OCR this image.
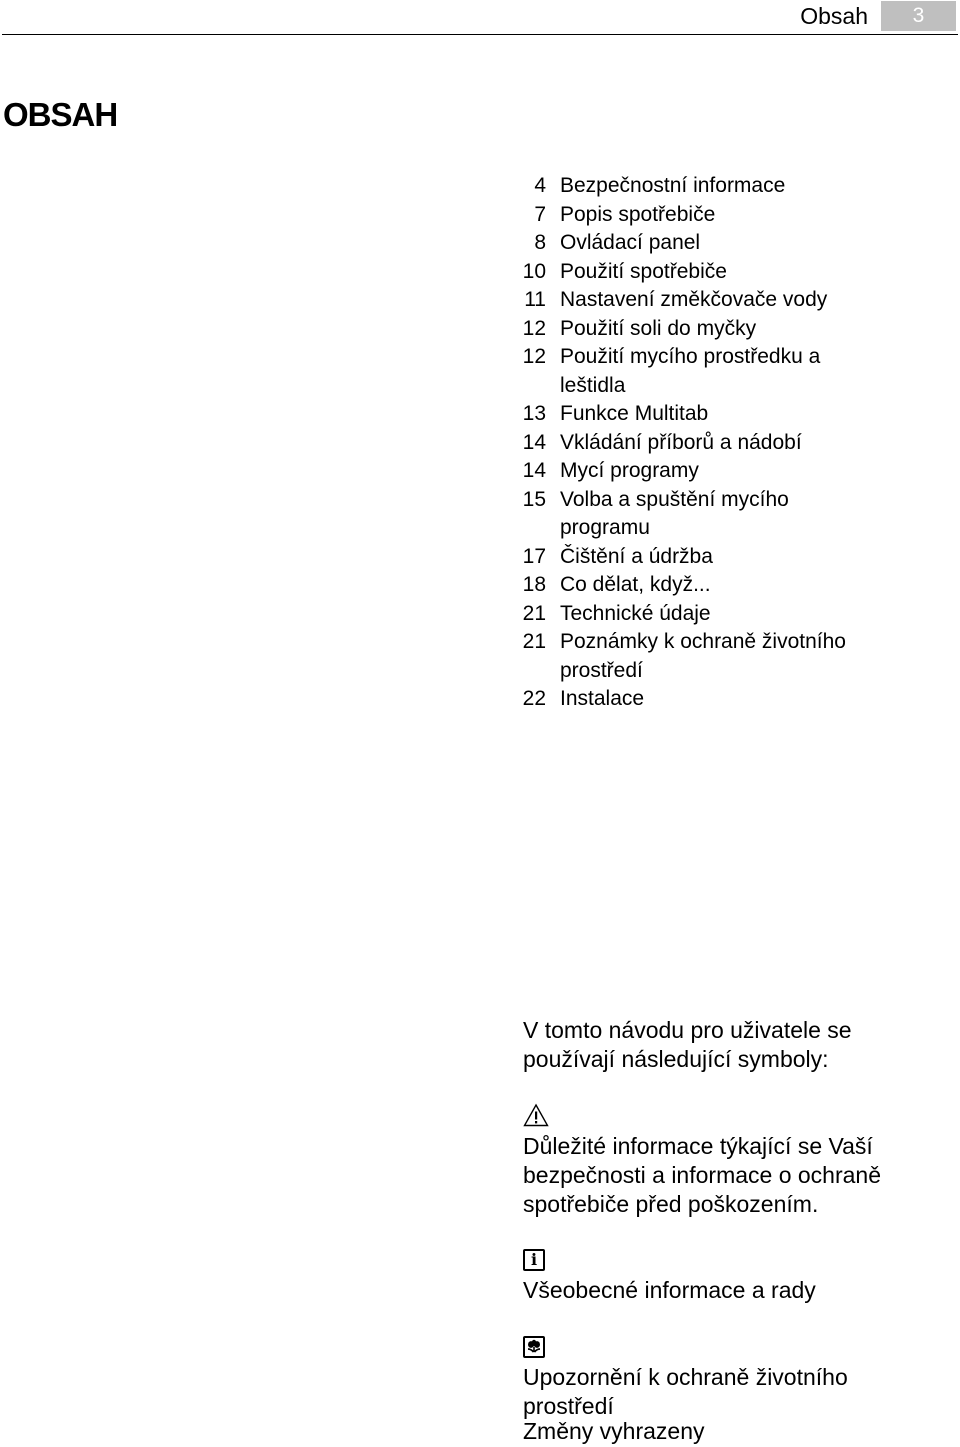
Obsah	3
OBSAH
4 Bezpečnostní informace
7 Popis spotřebiče
8 Ovládací panel
10 Použití spotřebiče
11 Nastavení změkčovače vody
12 Použití soli do myčky
12 Použití mycího prostředku a leštidla
13 Funkce Multitab
14 Vkládání příborů a nádobí
14 Mycí programy
15 Volba a spuštění mycího programu
17 Čištění a údržba
18 Co dělat, když...
21 Technické údaje
21 Poznámky k ochraně životního prostředí
22 Instalace

V tomto návodu pro uživatele se používají následující symboly:

Důležité informace týkající se Vaší bezpečnosti a informace o ochraně spotřebiče před poškozením.

i

Všeobecné informace a rady

Upozornění k ochraně životního prostředí

Změny vyhrazeny
